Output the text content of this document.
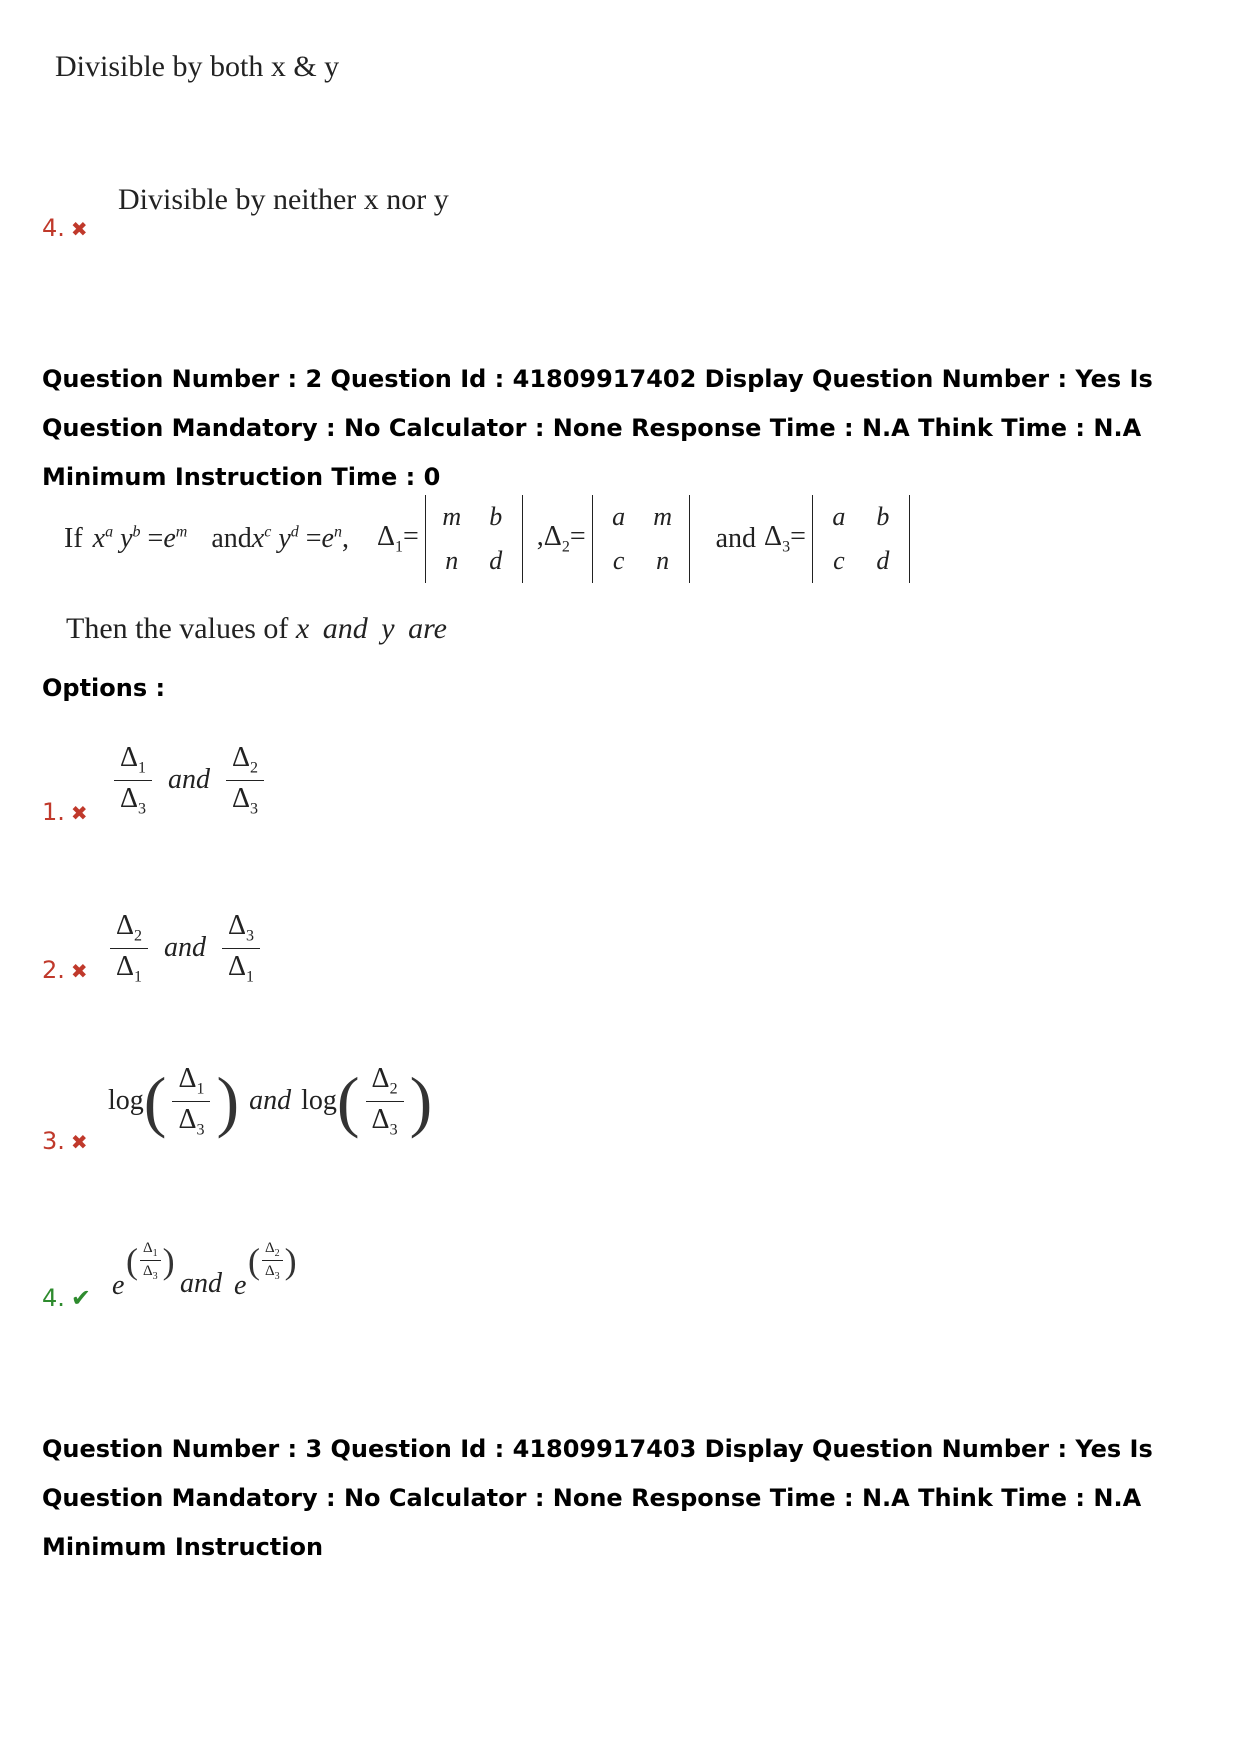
Divisible by both x & y
Divisible by neither x nor y
4. ✖
Question Number : 2 Question Id : 41809917402 Display Question Number : Yes Is Question Mandatory : No Calculator : None Response Time : N.A Think Time : N.A Minimum Instruction Time : 0
If $x^a$ $y^b =e^m$ and $x^c$ $y^d =e^n$, $\Delta_1=$
m	b
n	d
$,\Delta_2=$
a	m
c	n
and $\Delta_3=$
a	b
c	d
Then the values of x and y are
Options :
$\frac{\Delta_1}{\Delta_3}$ and $\frac{\Delta_2}{\Delta_3}$
1. ✖
$\frac{\Delta_2}{\Delta_1}$ and $\frac{\Delta_3}{\Delta_1}$
2. ✖
log ( $\frac{\Delta_1}{\Delta_3}$ ) and log ( $\frac{\Delta_2}{\Delta_3}$ )
3. ✖
e
( $\frac{\Delta_1}{\Delta_3}$ )
and e
( $\frac{\Delta_2}{\Delta_3}$ )
4. ✔
Question Number : 3 Question Id : 41809917403 Display Question Number : Yes Is Question Mandatory : No Calculator : None Response Time : N.A Think Time : N.A Minimum Instruction
